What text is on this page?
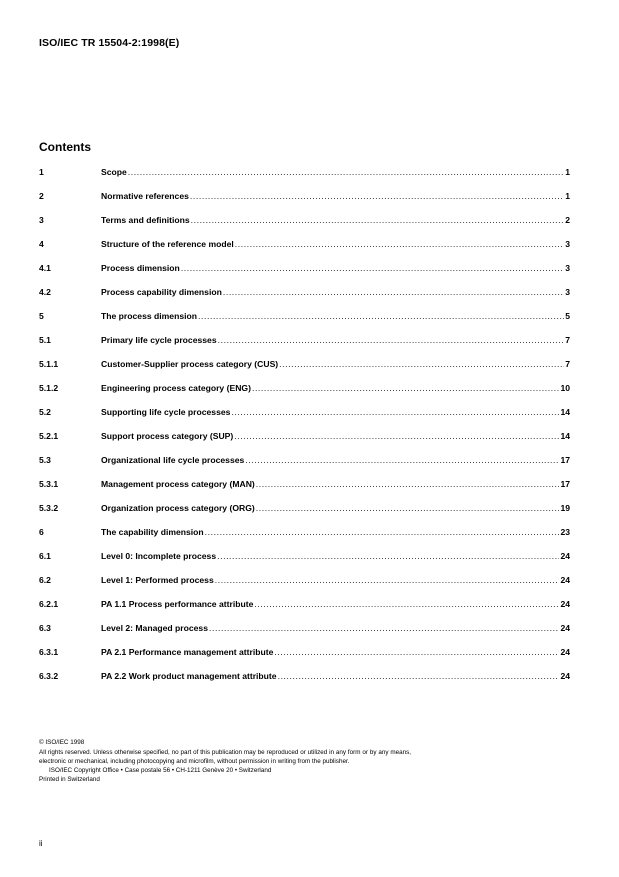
ISO/IEC TR 15504-2:1998(E)
Contents
1	Scope .....	1
2	Normative references .....	1
3	Terms and definitions .....	2
4	Structure of the reference model .....	3
4.1	Process dimension .....	3
4.2	Process capability dimension .....	3
5	The process dimension .....	5
5.1	Primary life cycle processes .....	7
5.1.1	Customer-Supplier process category (CUS) .....	7
5.1.2	Engineering process category (ENG) .....	10
5.2	Supporting life cycle processes .....	14
5.2.1	Support process category (SUP) .....	14
5.3	Organizational life cycle processes .....	17
5.3.1	Management process category (MAN) .....	17
5.3.2	Organization process category (ORG) .....	19
6	The capability dimension .....	23
6.1	Level 0: Incomplete process .....	24
6.2	Level 1: Performed process .....	24
6.2.1	PA 1.1 Process performance attribute .....	24
6.3	Level 2: Managed process .....	24
6.3.1	PA 2.1 Performance management attribute .....	24
6.3.2	PA 2.2 Work product management attribute .....	24
© ISO/IEC 1998
All rights reserved. Unless otherwise specified, no part of this publication may be reproduced or utilized in any form or by any means, electronic or mechanical, including photocopying and microfilm, without permission in writing from the publisher.
ISO/IEC Copyright Office • Case postale 56 • CH-1211 Genève 20 • Switzerland
Printed in Switzerland
ii
